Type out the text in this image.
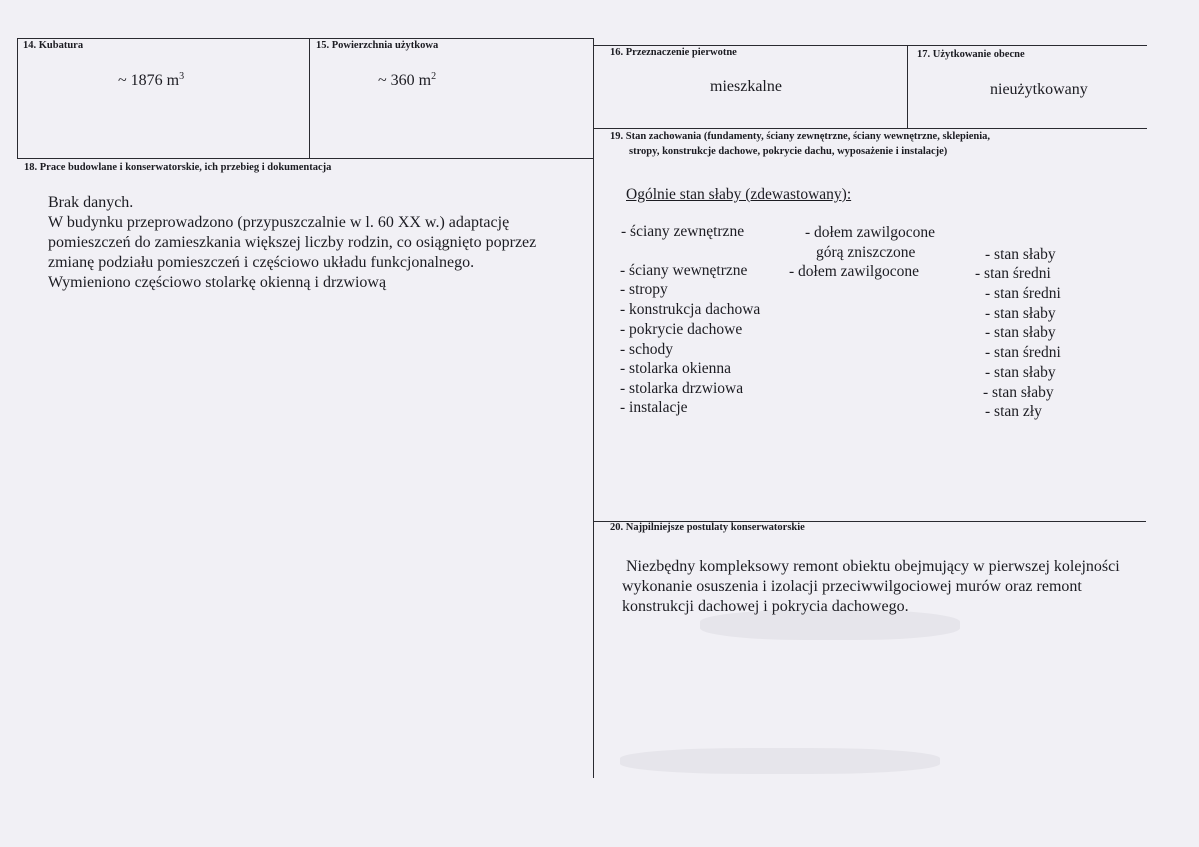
14. Kubatura
~ 1876 $m^3$
15. Powierzchnia użytkowa
~ 360 $m^2$
16. Przeznaczenie pierwotne
mieszkalne
17. Użytkowanie obecne
nieużytkowany
18. Prace budowlane i konserwatorskie, ich przebieg i dokumentacja
Brak danych.
W budynku przeprowadzono (przypuszczalnie w l. 60 XX w.) adaptację
pomieszczeń do zamieszkania większej liczby rodzin, co osiągnięto poprzez
zmianę podziału pomieszczeń i częściowo układu funkcjonalnego.
Wymieniono częściowo stolarkę okienną i drzwiową
19. Stan zachowania (fundamenty, ściany zewnętrzne, ściany wewnętrzne, sklepienia,
stropy, konstrukcje dachowe, pokrycie dachu, wyposażenie i instalacje)
Ogólnie stan słaby (zdewastowany):
- ściany zewnętrzne
- ściany wewnętrzne
- stropy
- konstrukcja dachowa
- pokrycie dachowe
- schody
- stolarka okienna
- stolarka drzwiowa
- instalacje
- dołem zawilgocone
górą zniszczone
- dołem zawilgocone
- stan słaby
- stan średni
- stan średni
- stan słaby
- stan słaby
- stan średni
- stan słaby
- stan słaby
- stan zły
20. Najpilniejsze postulaty konserwatorskie
Niezbędny kompleksowy remont obiektu obejmujący w pierwszej kolejności
wykonanie osuszenia i izolacji przeciwwilgociowej murów oraz remont
konstrukcji dachowej i pokrycia dachowego.
